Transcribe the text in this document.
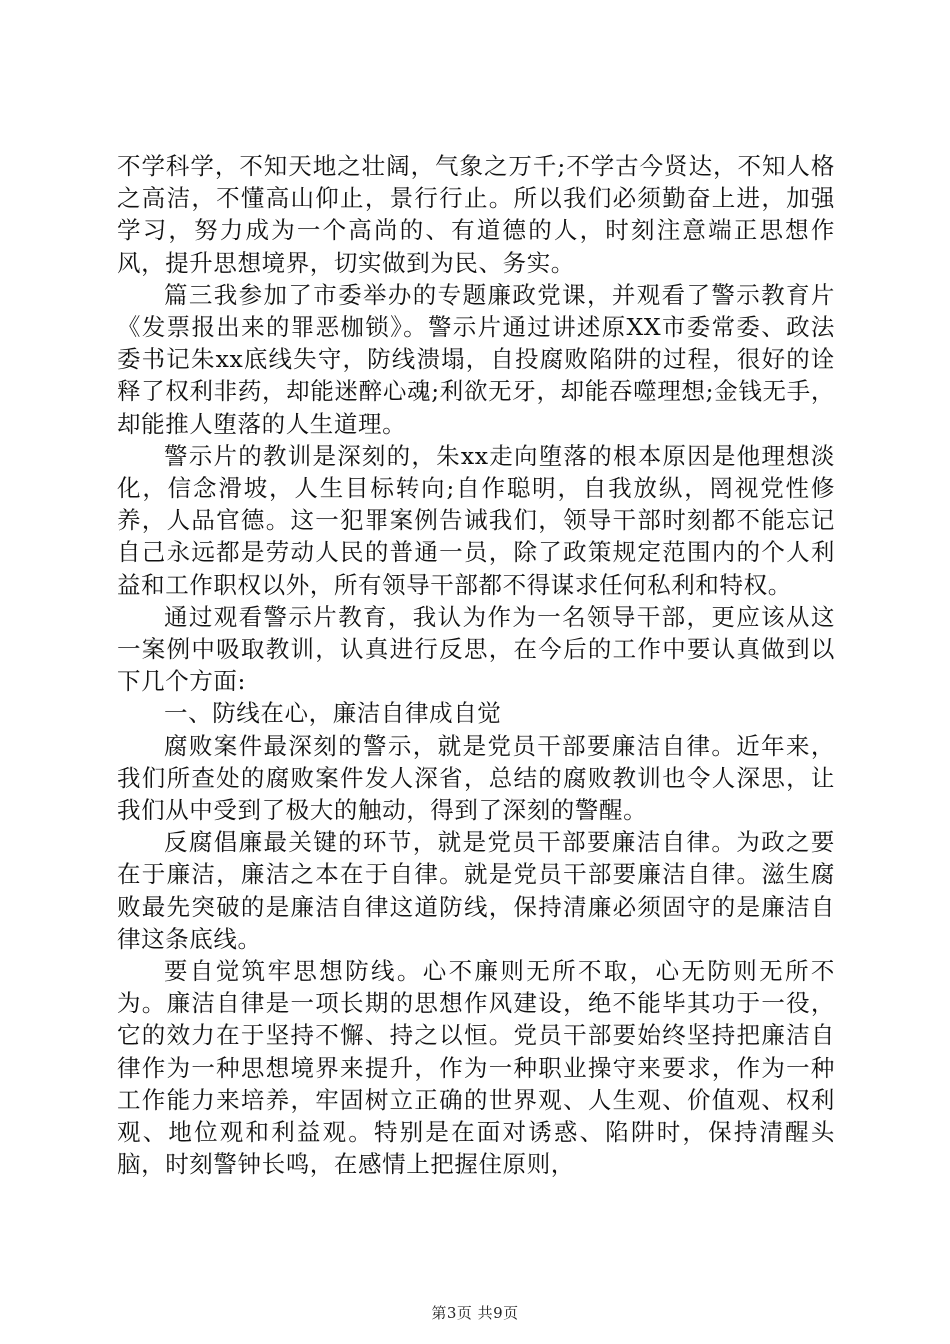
不学科学，不知天地之壮阔，气象之万千;不学古今贤达，不知人格之高洁，不懂高山仰止，景行行止。所以我们必须勤奋上进，加强学习，努力成为一个高尚的、有道德的人，时刻注意端正思想作风，提升思想境界，切实做到为民、务实。

篇三我参加了市委举办的专题廉政党课，并观看了警示教育片《发票报出来的罪恶枷锁》。警示片通过讲述原XX市委常委、政法委书记朱xx底线失守，防线溃塌，自投腐败陷阱的过程，很好的诠释了权利非药，却能迷醉心魂;利欲无牙，却能吞噬理想;金钱无手，却能推人堕落的人生道理。

警示片的教训是深刻的，朱xx走向堕落的根本原因是他理想淡化，信念滑坡，人生目标转向;自作聪明，自我放纵，罔视党性修养，人品官德。这一犯罪案例告诫我们，领导干部时刻都不能忘记自己永远都是劳动人民的普通一员，除了政策规定范围内的个人利益和工作职权以外，所有领导干部都不得谋求任何私利和特权。

通过观看警示片教育，我认为作为一名领导干部，更应该从这一案例中吸取教训，认真进行反思，在今后的工作中要认真做到以下几个方面:

一、防线在心，廉洁自律成自觉

腐败案件最深刻的警示，就是党员干部要廉洁自律。近年来，我们所查处的腐败案件发人深省，总结的腐败教训也令人深思，让我们从中受到了极大的触动，得到了深刻的警醒。

反腐倡廉最关键的环节，就是党员干部要廉洁自律。为政之要在于廉洁，廉洁之本在于自律。就是党员干部要廉洁自律。滋生腐败最先突破的是廉洁自律这道防线，保持清廉必须固守的是廉洁自律这条底线。

要自觉筑牢思想防线。心不廉则无所不取，心无防则无所不为。廉洁自律是一项长期的思想作风建设，绝不能毕其功于一役，它的效力在于坚持不懈、持之以恒。党员干部要始终坚持把廉洁自律作为一种思想境界来提升，作为一种职业操守来要求，作为一种工作能力来培养，牢固树立正确的世界观、人生观、价值观、权利观、地位观和利益观。特别是在面对诱惑、陷阱时，保持清醒头脑，时刻警钟长鸣，在感情上把握住原则，

第3页 共9页
